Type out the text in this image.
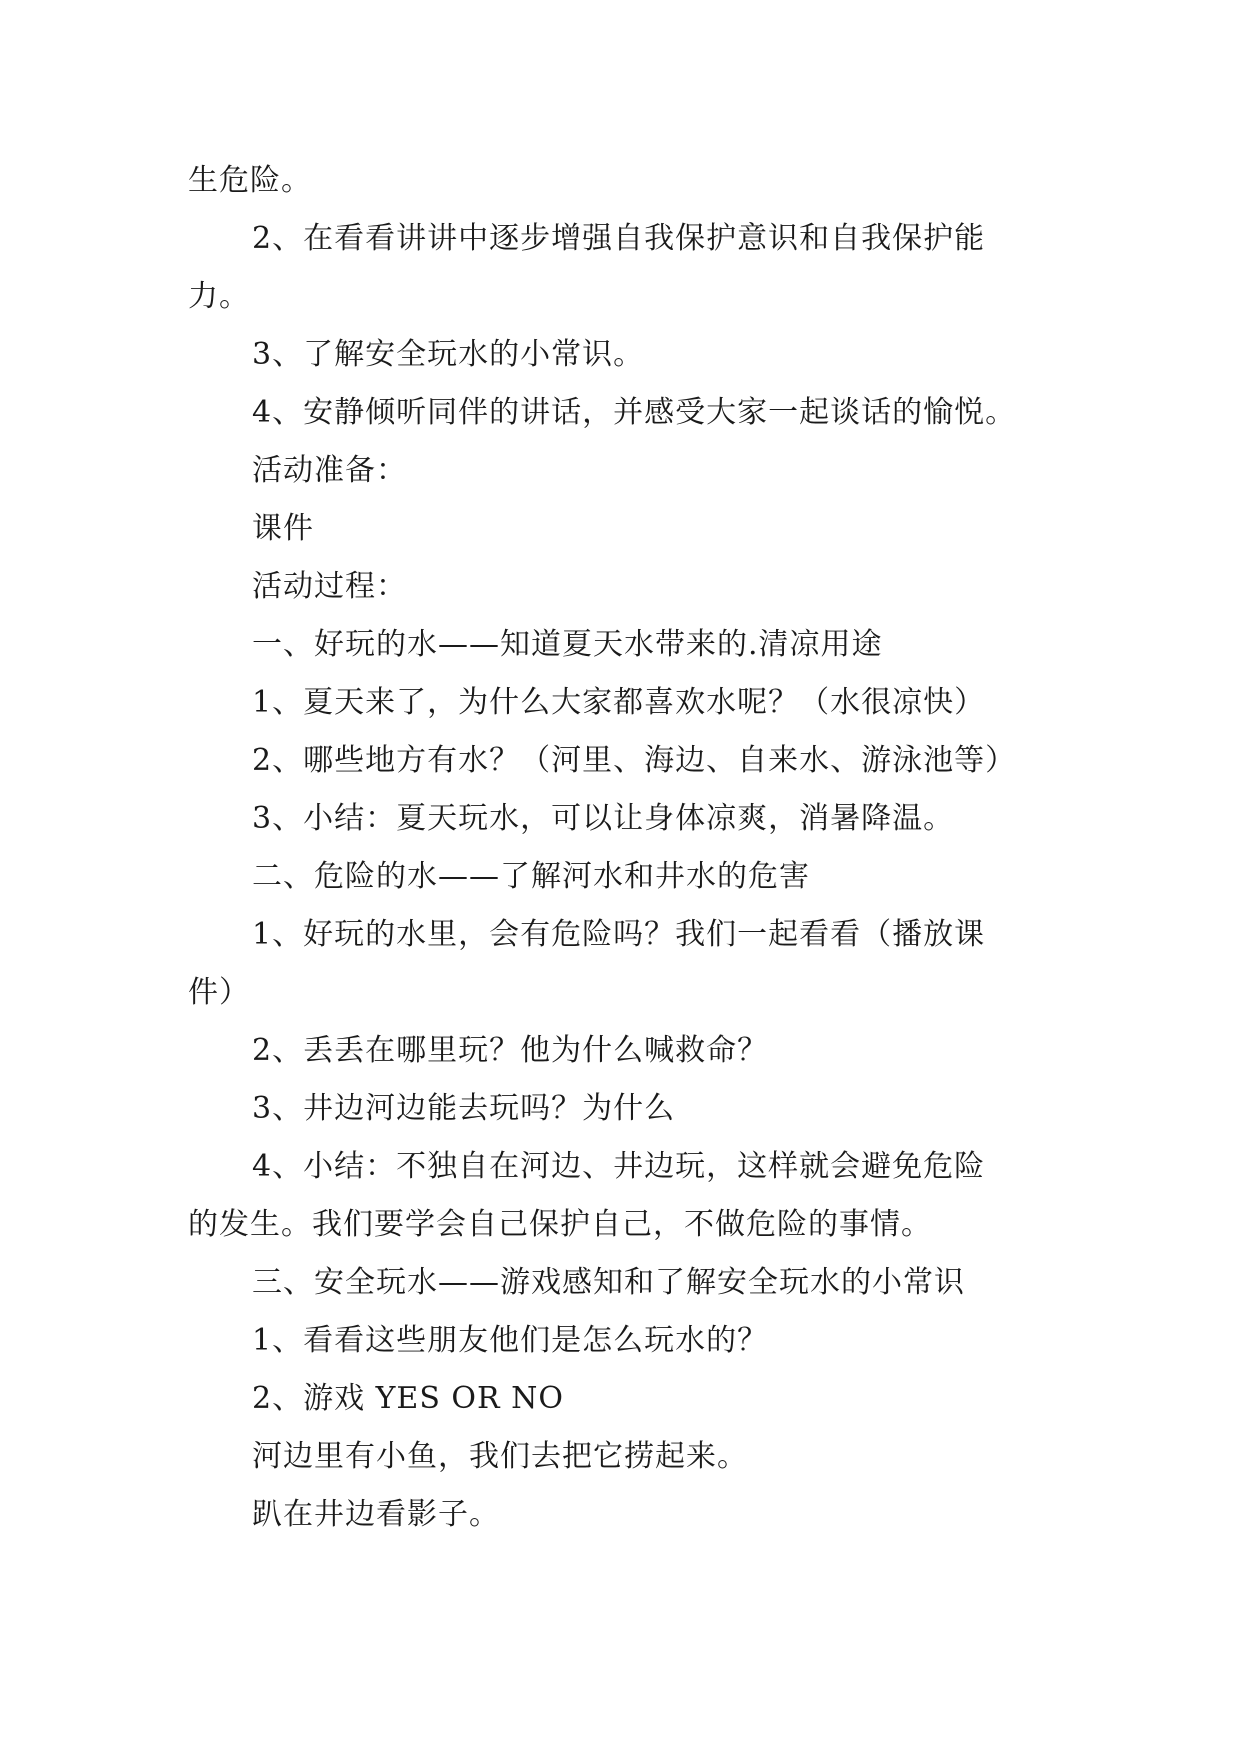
生危险。
2、在看看讲讲中逐步增强自我保护意识和自我保护能
力。
3、了解安全玩水的小常识。
4、安静倾听同伴的讲话，并感受大家一起谈话的愉悦。
活动准备：
课件
活动过程：
一、好玩的水——知道夏天水带来的.清凉用途
1、夏天来了，为什么大家都喜欢水呢？（水很凉快）
2、哪些地方有水？（河里、海边、自来水、游泳池等）
3、小结：夏天玩水，可以让身体凉爽，消暑降温。
二、危险的水——了解河水和井水的危害
1、好玩的水里，会有危险吗？我们一起看看（播放课
件）
2、丢丢在哪里玩？他为什么喊救命？
3、井边河边能去玩吗？为什么
4、小结：不独自在河边、井边玩，这样就会避免危险
的发生。我们要学会自己保护自己，不做危险的事情。
三、安全玩水——游戏感知和了解安全玩水的小常识
1、看看这些朋友他们是怎么玩水的？
2、游戏 YES OR NO
河边里有小鱼，我们去把它捞起来。
趴在井边看影子。
